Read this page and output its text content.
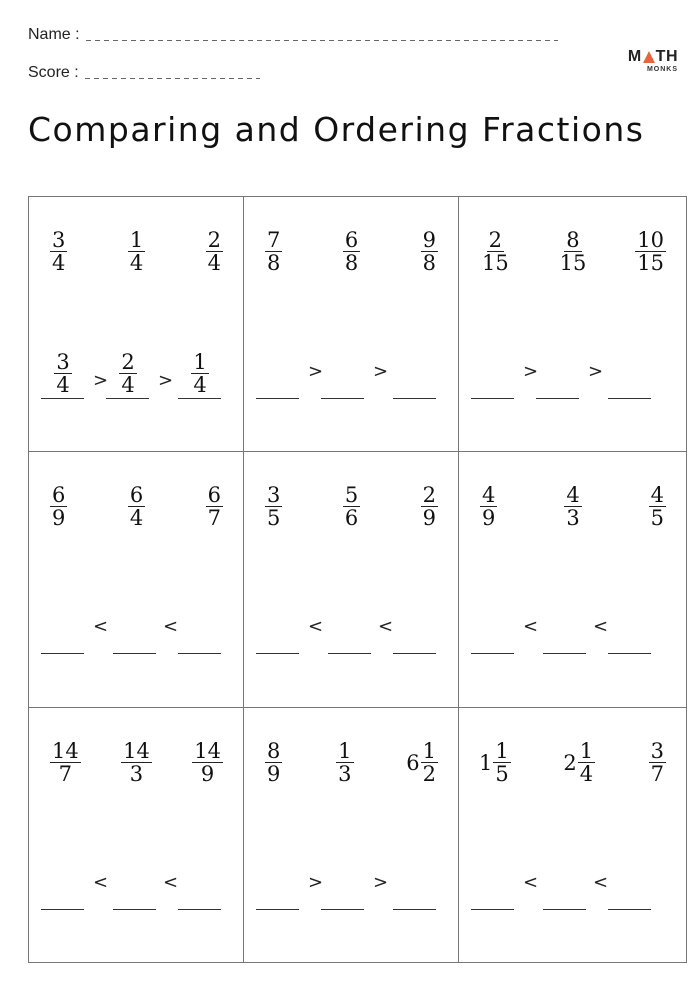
Name :
Score :
M TH
MONKS
Comparing and Ordering Fractions
$\frac{3}{4}$	$\frac{1}{4}$	$\frac{2}{4}$
$\frac{3}{4} \frac{2}{4}$	$\frac{1}{4}$
>	>
$\frac{7}{8}$	$\frac{6}{8}$	$\frac{9}{8}$
>	>
$\frac{2}{15} \frac{8}{15} \frac{10}{15}$
>	>
$\frac{6}{9}$	$\frac{6}{4}$	$\frac{6}{7}$
<	<
$\frac{3}{5}$	$\frac{5}{6}$	$\frac{2}{9}$
<	<
$\frac{4}{9}$	$\frac{4}{3}$	$\frac{4}{5}$
<	<
$\frac{14}{7} \frac{14}{3} \frac{14}{9}$
<	<
$\frac{8}{9}$	$\frac{1}{3}$	$6 \frac{1}{2}$
>	>
$1 \frac{1}{5}$	$2 \frac{1}{4}$	$\frac{3}{7}$
<	<
